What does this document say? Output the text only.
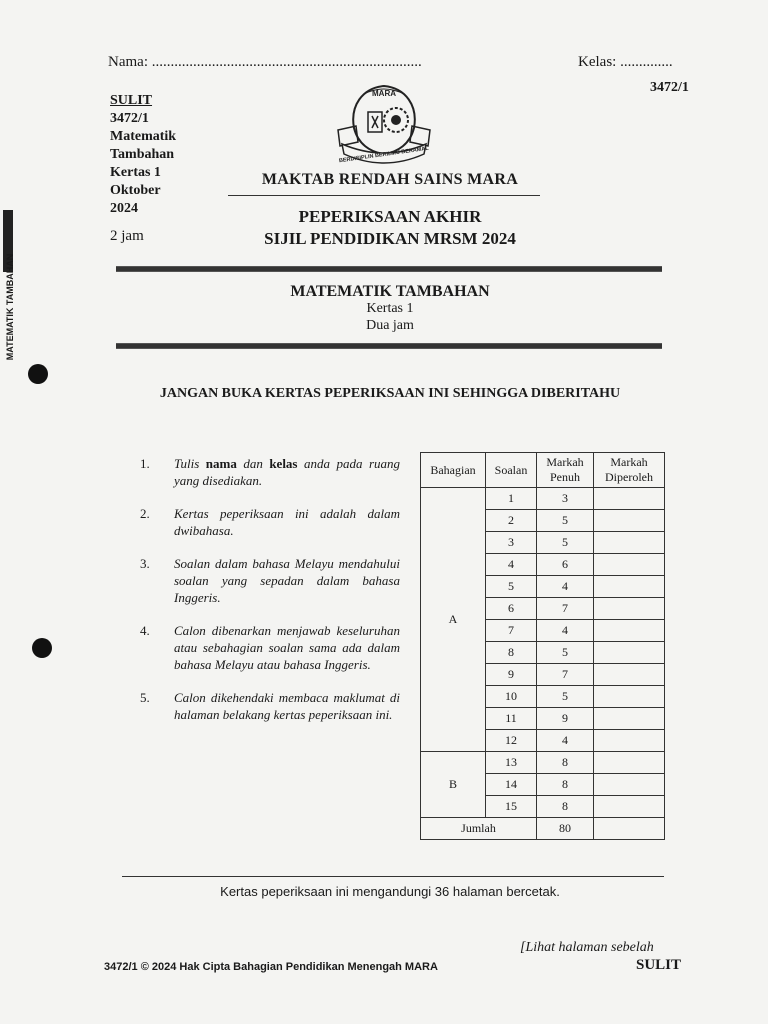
MATEMATIK TAMBAHAN
Nama: ........................................................................	Kelas: ..............
3472/1
SULIT
3472/1
Matematik
Tambahan
Kertas 1
Oktober
2024
2 jam
MARA
BERDISIPLIN BERILMU BERAMAL
MAKTAB RENDAH SAINS MARA
PEPERIKSAAN AKHIR
SIJIL PENDIDIKAN MRSM 2024
MATEMATIK TAMBAHAN
Kertas 1
Dua jam
JANGAN BUKA KERTAS PEPERIKSAAN INI SEHINGGA DIBERITAHU
1.	Tulis nama dan kelas anda pada ruang yang disediakan.
2.	Kertas peperiksaan ini adalah dalam dwibahasa.
3.	Soalan dalam bahasa Melayu mendahului soalan yang sepadan dalam bahasa Inggeris.
4.	Calon dibenarkan menjawab keseluruhan atau sebahagian soalan sama ada dalam bahasa Melayu atau bahasa Inggeris.
5.	Calon dikehendaki membaca maklumat di halaman belakang kertas peperiksaan ini.
Bahagian	Soalan	Markah Penuh	Markah Diperoleh
A	1	3	
	2	5	
	3	5	
	4	6	
	5	4	
	6	7	
	7	4	
	8	5	
	9	7	
	10	5	
	11	9	
	12	4	
B	13	8	
	14	8	
	15	8	
Jumlah		80	
Kertas peperiksaan ini mengandungi 36 halaman bercetak.
[Lihat halaman sebelah
3472/1 © 2024 Hak Cipta Bahagian Pendidikan Menengah MARA	SULIT
